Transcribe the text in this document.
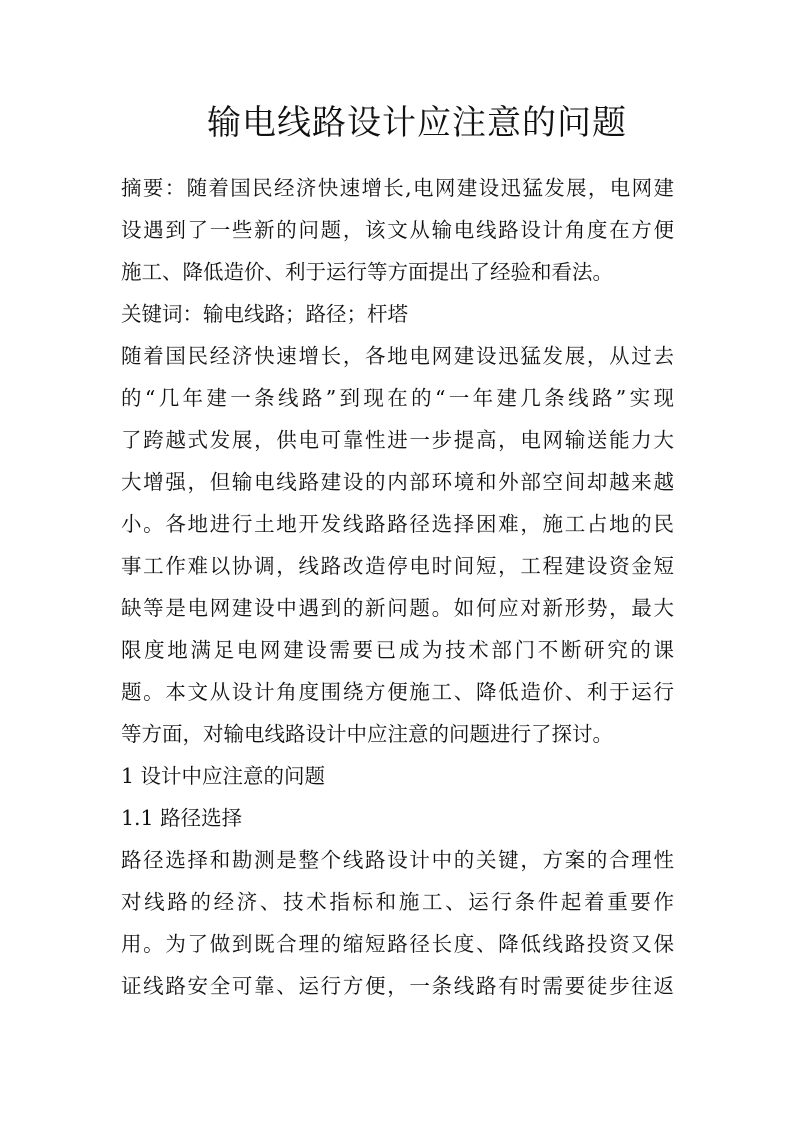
输电线路设计应注意的问题
摘要：随着国民经济快速增长,电网建设迅猛发展，电网建
设遇到了一些新的问题，该文从输电线路设计角度在方便
施工、降低造价、利于运行等方面提出了经验和看法。
关键词：输电线路；路径；杆塔
随着国民经济快速增长，各地电网建设迅猛发展，从过去
的“几年建一条线路”到现在的“一年建几条线路”实现
了跨越式发展，供电可靠性进一步提高，电网输送能力大
大增强，但输电线路建设的内部环境和外部空间却越来越
小。各地进行土地开发线路路径选择困难，施工占地的民
事工作难以协调，线路改造停电时间短，工程建设资金短
缺等是电网建设中遇到的新问题。如何应对新形势，最大
限度地满足电网建设需要已成为技术部门不断研究的课
题。本文从设计角度围绕方便施工、降低造价、利于运行
等方面，对输电线路设计中应注意的问题进行了探讨。
1 设计中应注意的问题
1.1 路径选择
路径选择和勘测是整个线路设计中的关键，方案的合理性
对线路的经济、技术指标和施工、运行条件起着重要作
用。为了做到既合理的缩短路径长度、降低线路投资又保
证线路安全可靠、运行方便，一条线路有时需要徒步往返
